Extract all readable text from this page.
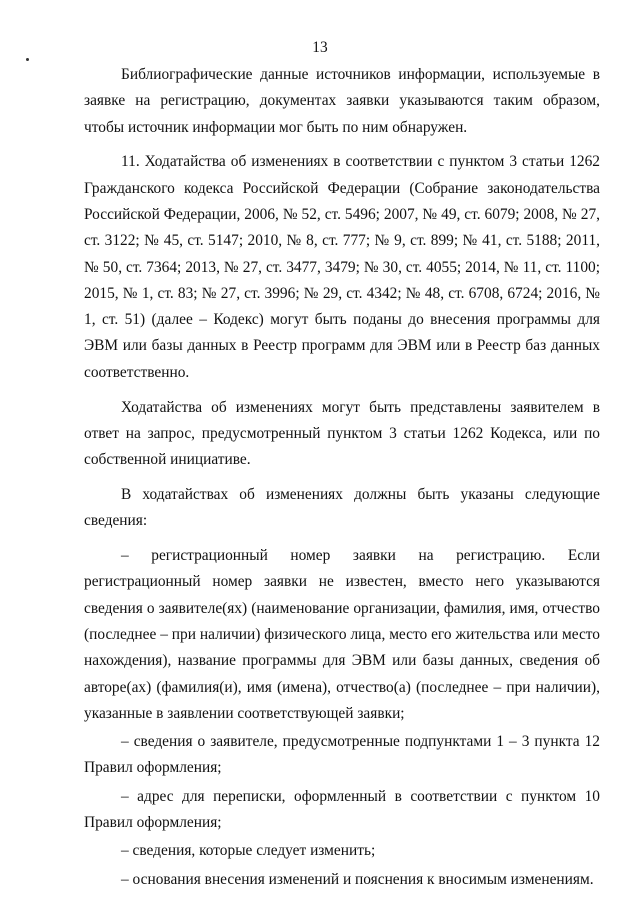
13

Библиографические данные источников информации, используемые в заявке на регистрацию, документах заявки указываются таким образом, чтобы источник информации мог быть по ним обнаружен.

11. Ходатайства об изменениях в соответствии с пунктом 3 статьи 1262 Гражданского кодекса Российской Федерации (Собрание законодательства Российской Федерации, 2006, № 52, ст. 5496; 2007, № 49, ст. 6079; 2008, № 27, ст. 3122; № 45, ст. 5147; 2010, № 8, ст. 777; № 9, ст. 899; № 41, ст. 5188; 2011, № 50, ст. 7364; 2013, № 27, ст. 3477, 3479; № 30, ст. 4055; 2014, № 11, ст. 1100; 2015, № 1, ст. 83; № 27, ст. 3996; № 29, ст. 4342; № 48, ст. 6708, 6724; 2016, № 1, ст. 51) (далее – Кодекс) могут быть поданы до внесения программы для ЭВМ или базы данных в Реестр программ для ЭВМ или в Реестр баз данных соответственно.

Ходатайства об изменениях могут быть представлены заявителем в ответ на запрос, предусмотренный пунктом 3 статьи 1262 Кодекса, или по собственной инициативе.

В ходатайствах об изменениях должны быть указаны следующие сведения:

– регистрационный номер заявки на регистрацию. Если регистрационный номер заявки не известен, вместо него указываются сведения о заявителе(ях) (наименование организации, фамилия, имя, отчество (последнее – при наличии) физического лица, место его жительства или место нахождения), название программы для ЭВМ или базы данных, сведения об авторе(ах) (фамилия(и), имя (имена), отчество(а) (последнее – при наличии), указанные в заявлении соответствующей заявки;

– сведения о заявителе, предусмотренные подпунктами 1 – 3 пункта 12 Правил оформления;

– адрес для переписки, оформленный в соответствии с пунктом 10 Правил оформления;

– сведения, которые следует изменить;

– основания внесения изменений и пояснения к вносимым изменениям.
